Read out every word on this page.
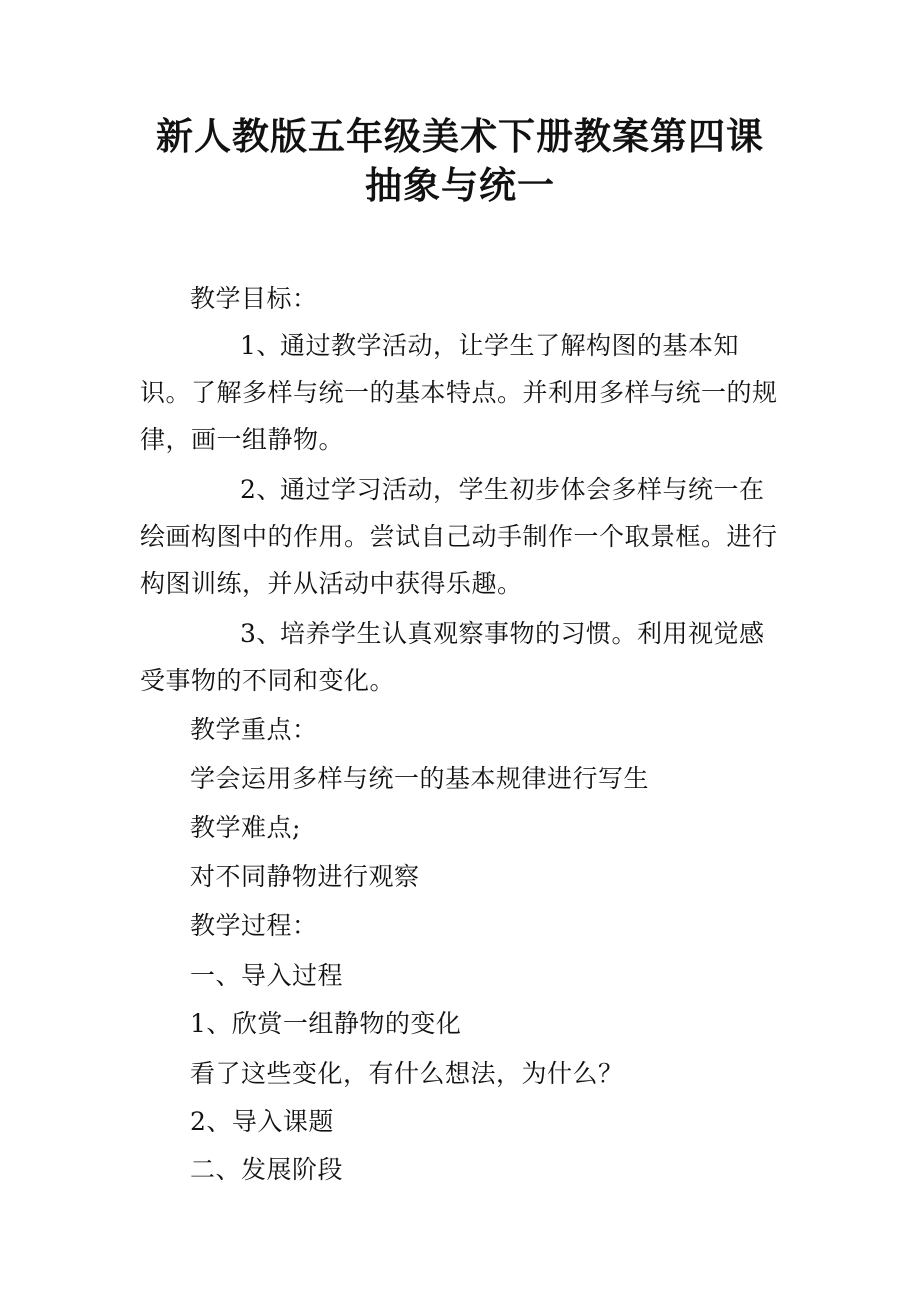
新人教版五年级美术下册教案第四课
抽象与统一

教学目标：

1、通过教学活动，让学生了解构图的基本知识。了解多样与统一的基本特点。并利用多样与统一的规律，画一组静物。

2、通过学习活动，学生初步体会多样与统一在绘画构图中的作用。尝试自己动手制作一个取景框。进行构图训练，并从活动中获得乐趣。

3、培养学生认真观察事物的习惯。利用视觉感受事物的不同和变化。

教学重点：

学会运用多样与统一的基本规律进行写生

教学难点;

对不同静物进行观察

教学过程：

一、导入过程

1、欣赏一组静物的变化

看了这些变化，有什么想法，为什么？

2、导入课题

二、发展阶段
